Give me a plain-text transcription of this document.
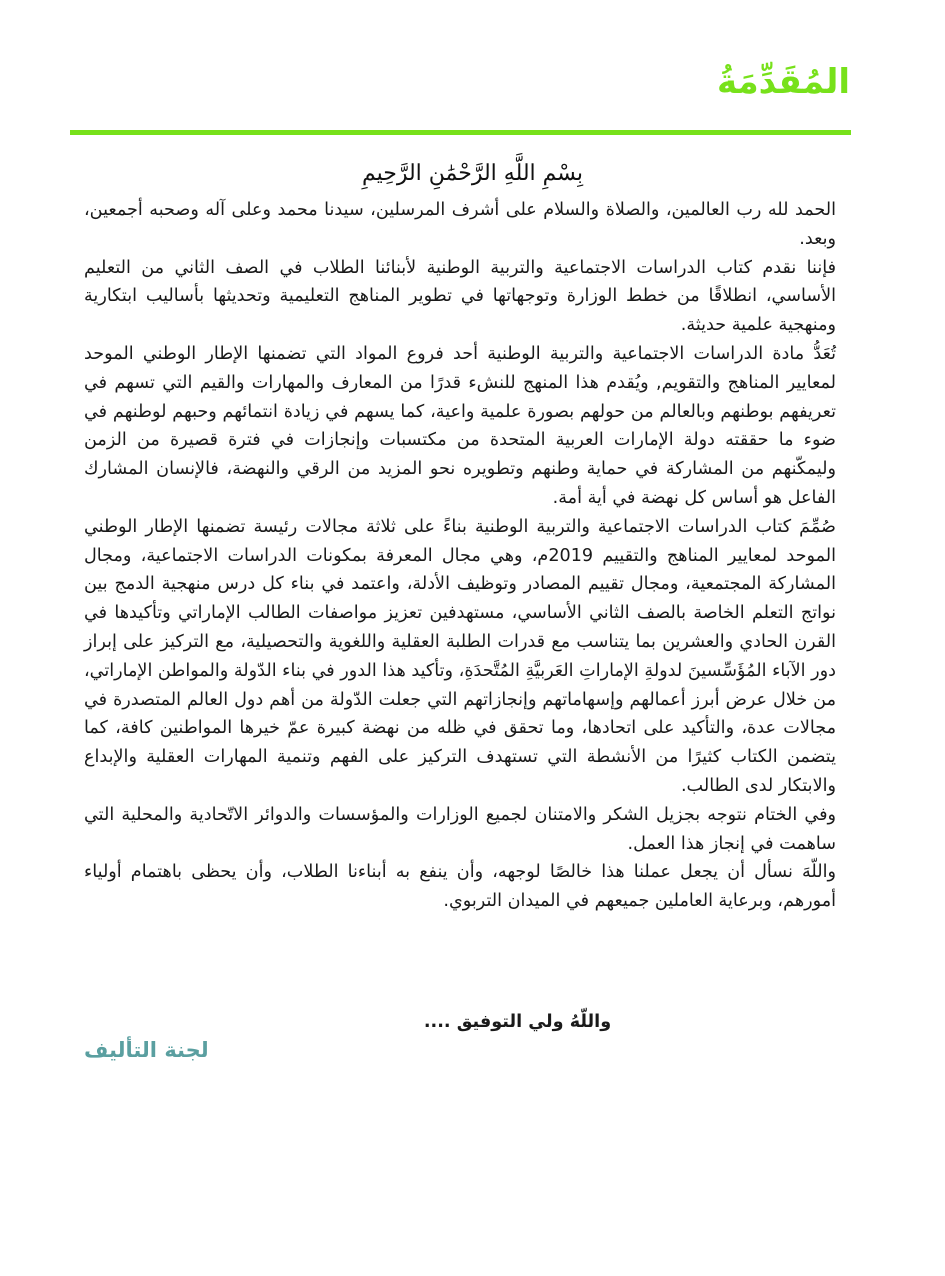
المُقَدِّمَةُ
بِسْمِ اللَّهِ الرَّحْمَٰنِ الرَّحِيمِ

الحمد لله رب العالمين، والصلاة والسلام على أشرف المرسلين، سيدنا محمد وعلى آله وصحبه أجمعين، وبعد.

فإننا نقدم كتاب الدراسات الاجتماعية والتربية الوطنية لأبنائنا الطلاب في الصف الثاني من التعليم الأساسي، انطلاقًا من خطط الوزارة وتوجهاتها في تطوير المناهج التعليمية وتحديثها بأساليب ابتكارية ومنهجية علمية حديثة.

تُعَدُّ مادة الدراسات الاجتماعية والتربية الوطنية أحد فروع المواد التي تضمنها الإطار الوطني الموحد لمعايير المناهج والتقويم, ويُقدم هذا المنهج للنشء قدرًا من المعارف والمهارات والقيم التي تسهم في تعريفهم بوطنهم وبالعالم من حولهم بصورة علمية واعية، كما يسهم في زيادة انتمائهم وحبهم لوطنهم في ضوء ما حققته دولة الإمارات العربية المتحدة من مكتسبات وإنجازات في فترة قصيرة من الزمن وليمكّنهم من المشاركة في حماية وطنهم وتطويره نحو المزيد من الرقي والنهضة، فالإنسان المشارك الفاعل هو أساس كل نهضة في أية أمة.

صُمِّمَ كتاب الدراسات الاجتماعية والتربية الوطنية بناءً على ثلاثة مجالات رئيسة تضمنها الإطار الوطني الموحد لمعايير المناهج والتقييم 2019م، وهي مجال المعرفة بمكونات الدراسات الاجتماعية، ومجال المشاركة المجتمعية، ومجال تقييم المصادر وتوظيف الأدلة، واعتمد في بناء كل درس منهجية الدمج بين نواتج التعلم الخاصة بالصف الثاني الأساسي، مستهدفين تعزيز مواصفات الطالب الإماراتي وتأكيدها في القرن الحادي والعشرين بما يتناسب مع قدرات الطلبة العقلية واللغوية والتحصيلية، مع التركيز على إبراز دور الآباء المُؤَسِّسينَ لدولةِ الإماراتِ العَربيَّةِ المُتَّحدَةِ، وتأكيد هذا الدور في بناء الدّولة والمواطن الإماراتي، من خلال عرض أبرز أعمالهم وإسهاماتهم وإنجازاتهم التي جعلت الدّولة من أهم دول العالم المتصدرة في مجالات عدة، والتأكيد على اتحادها، وما تحقق في ظله من نهضة كبيرة عمّ خيرها المواطنين كافة، كما يتضمن الكتاب كثيرًا من الأنشطة التي تستهدف التركيز على الفهم وتنمية المهارات العقلية والإبداع والابتكار لدى الطالب.

وفي الختام نتوجه بجزيل الشكر والامتنان لجميع الوزارات والمؤسسات والدوائر الاتّحادية والمحلية التي ساهمت في إنجاز هذا العمل.

واللّهَ نسأل أن يجعل عملنا هذا خالصًا لوجهه، وأن ينفع به أبناءنا الطلاب، وأن يحظى باهتمام أولياء أمورهم، وبرعاية العاملين جميعهم في الميدان التربوي.

واللّهُ ولي التوفيق ....
لجنة التأليف
